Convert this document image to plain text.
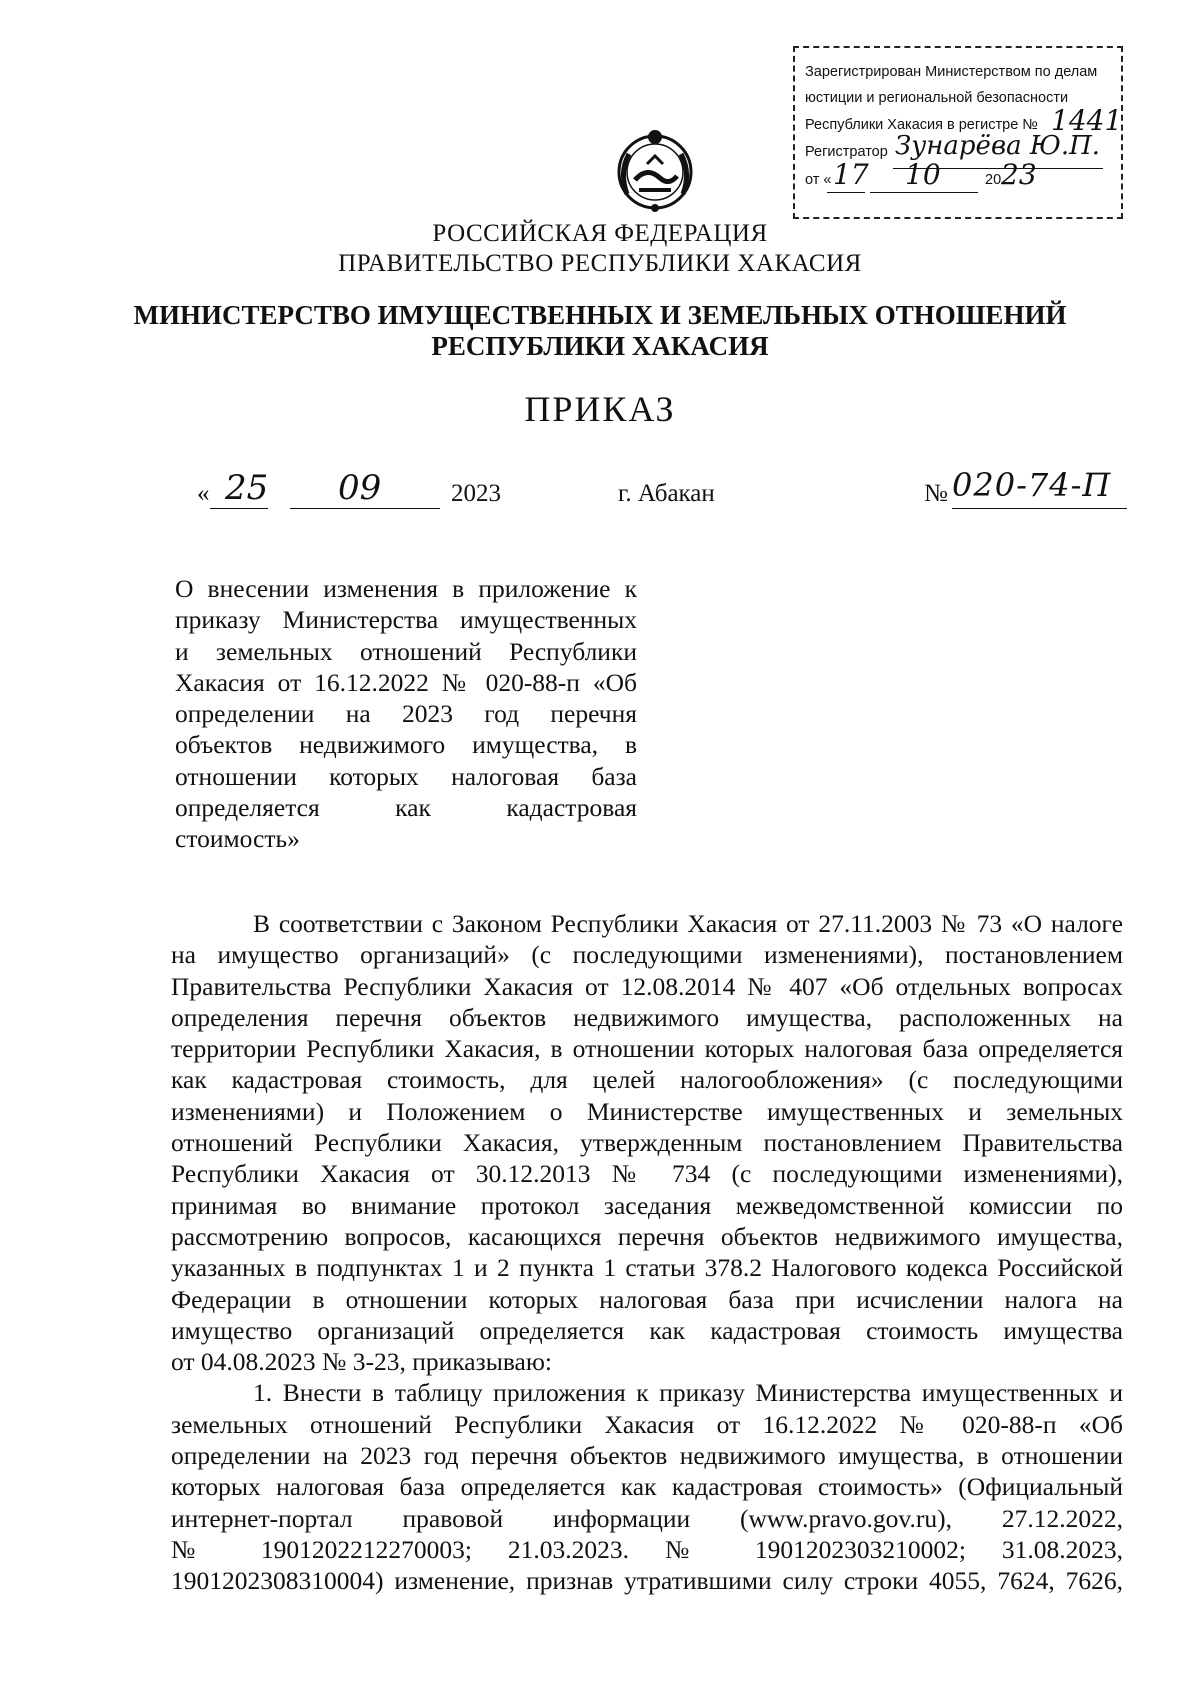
Зарегистрирован Министерством по делам
юстиции и региональной безопасности
Республики Хакасия в регистре № 1441
Регистратор Зунарёва Ю.П.
от « 17 10	20 23
РОССИЙСКАЯ ФЕДЕРАЦИЯ
ПРАВИТЕЛЬСТВО РЕСПУБЛИКИ ХАКАСИЯ
МИНИСТЕРСТВО ИМУЩЕСТВЕННЫХ И ЗЕМЕЛЬНЫХ ОТНОШЕНИЙ
РЕСПУБЛИКИ ХАКАСИЯ
ПРИКАЗ
« 25 09	2023	г. Абакан	№ 020-74-П
О внесении изменения в приложение к
приказу Министерства имущественных
и земельных отношений Республики
Хакасия от 16.12.2022 № 020-88-п «Об
определении на 2023 год перечня
объектов недвижимого имущества, в
отношении которых налоговая база
определяется как кадастровая
стоимость»
В соответствии с Законом Республики Хакасия от 27.11.2003 № 73 «О налоге
на имущество организаций» (с последующими изменениями), постановлением
Правительства Республики Хакасия от 12.08.2014 № 407 «Об отдельных вопросах
определения перечня объектов недвижимого имущества, расположенных на
территории Республики Хакасия, в отношении которых налоговая база определяется
как кадастровая стоимость, для целей налогообложения» (с последующими
изменениями) и Положением о Министерстве имущественных и земельных
отношений Республики Хакасия, утвержденным постановлением Правительства
Республики Хакасия от 30.12.2013 № 734 (с последующими изменениями),
принимая во внимание протокол заседания межведомственной комиссии по
рассмотрению вопросов, касающихся перечня объектов недвижимого имущества,
указанных в подпунктах 1 и 2 пункта 1 статьи 378.2 Налогового кодекса Российской
Федерации в отношении которых налоговая база при исчислении налога на
имущество организаций определяется как кадастровая стоимость имущества
от 04.08.2023 № 3-23, приказываю:
1. Внести в таблицу приложения к приказу Министерства имущественных и
земельных отношений Республики Хакасия от 16.12.2022 № 020-88-п «Об
определении на 2023 год перечня объектов недвижимого имущества, в отношении
которых налоговая база определяется как кадастровая стоимость» (Официальный
интернет-портал правовой информации (www.pravo.gov.ru), 27.12.2022,
№ 1901202212270003; 21.03.2023. № 1901202303210002; 31.08.2023,
1901202308310004) изменение, признав утратившими силу строки 4055, 7624, 7626,
